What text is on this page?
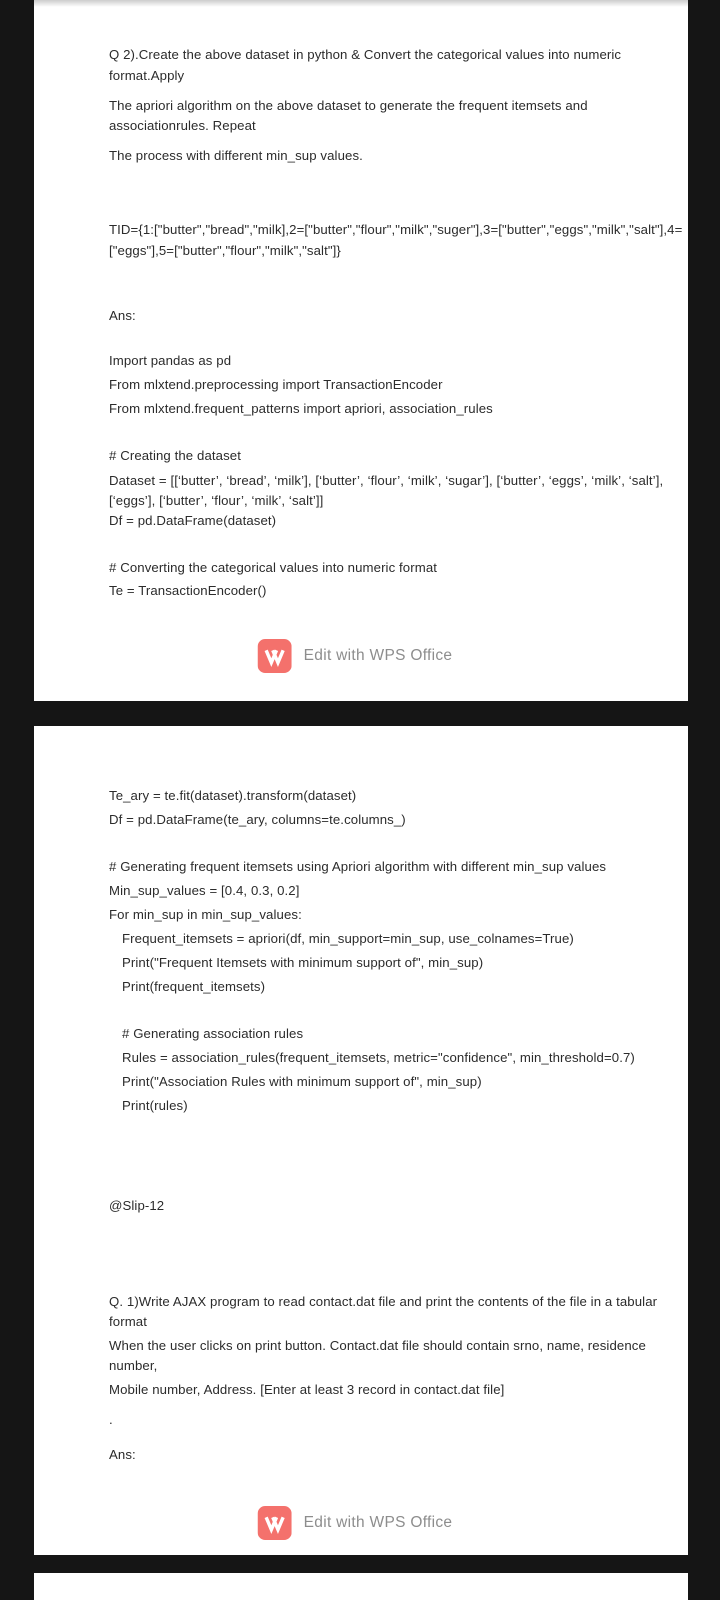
Q 2).Create the above dataset in python & Convert the categorical values into numeric
format.Apply
The apriori algorithm on the above dataset to generate the frequent itemsets and
associationrules. Repeat
The process with different min_sup values.
TID={1:["butter","bread","milk],2=["butter","flour","milk","suger"],3=["butter","eggs","milk","salt"],4=
["eggs"],5=["butter","flour","milk","salt"]}
Ans:
Import pandas as pd
From mlxtend.preprocessing import TransactionEncoder
From mlxtend.frequent_patterns import apriori, association_rules
# Creating the dataset
Dataset = [[‘butter’, ‘bread’, ‘milk’], [‘butter’, ‘flour’, ‘milk’, ‘sugar’], [‘butter’, ‘eggs’, ‘milk’, ‘salt’],
[‘eggs’], [‘butter’, ‘flour’, ‘milk’, ‘salt’]]
Df = pd.DataFrame(dataset)
# Converting the categorical values into numeric format
Te = TransactionEncoder()
Edit with WPS Office
Te_ary = te.fit(dataset).transform(dataset)
Df = pd.DataFrame(te_ary, columns=te.columns_)
# Generating frequent itemsets using Apriori algorithm with different min_sup values
Min_sup_values = [0.4, 0.3, 0.2]
For min_sup in min_sup_values:
Frequent_itemsets = apriori(df, min_support=min_sup, use_colnames=True)
Print("Frequent Itemsets with minimum support of", min_sup)
Print(frequent_itemsets)
# Generating association rules
Rules = association_rules(frequent_itemsets, metric="confidence", min_threshold=0.7)
Print("Association Rules with minimum support of", min_sup)
Print(rules)
@Slip-12
Q. 1)Write AJAX program to read contact.dat file and print the contents of the file in a tabular
format
When the user clicks on print button. Contact.dat file should contain srno, name, residence
number,
Mobile number, Address. [Enter at least 3 record in contact.dat file]
.
Ans:
Edit with WPS Office
